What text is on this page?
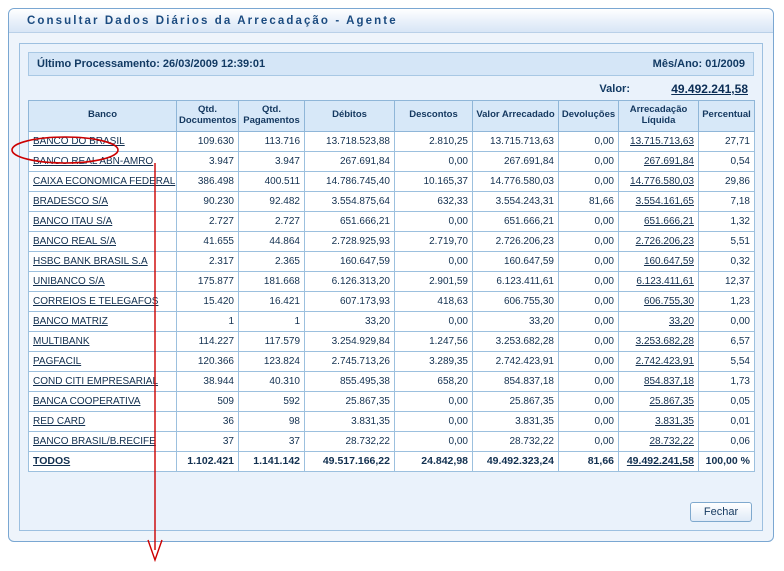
Consultar Dados Diários da Arrecadação - Agente
Último Processamento: 26/03/2009 12:39:01	Mês/Ano: 01/2009
Valor:	49.492.241,58
Banco	Qtd. Documentos	Qtd. Pagamentos	Débitos	Descontos	Valor Arrecadado	Devoluções	Arrecadação Líquida	Percentual
BANCO DO BRASIL	109.630	113.716	13.718.523,88	2.810,25	13.715.713,63	0,00	13.715.713,63	27,71
BANCO REAL ABN-AMRO	3.947	3.947	267.691,84	0,00	267.691,84	0,00	267.691,84	0,54
CAIXA ECONOMICA FEDERAL	386.498	400.511	14.786.745,40	10.165,37	14.776.580,03	0,00	14.776.580,03	29,86
BRADESCO S/A	90.230	92.482	3.554.875,64	632,33	3.554.243,31	81,66	3.554.161,65	7,18
BANCO ITAU S/A	2.727	2.727	651.666,21	0,00	651.666,21	0,00	651.666,21	1,32
BANCO REAL S/A	41.655	44.864	2.728.925,93	2.719,70	2.726.206,23	0,00	2.726.206,23	5,51
HSBC BANK BRASIL S.A	2.317	2.365	160.647,59	0,00	160.647,59	0,00	160.647,59	0,32
UNIBANCO S/A	175.877	181.668	6.126.313,20	2.901,59	6.123.411,61	0,00	6.123.411,61	12,37
CORREIOS E TELEGAFOS	15.420	16.421	607.173,93	418,63	606.755,30	0,00	606.755,30	1,23
BANCO MATRIZ	1	1	33,20	0,00	33,20	0,00	33,20	0,00
MULTIBANK	114.227	117.579	3.254.929,84	1.247,56	3.253.682,28	0,00	3.253.682,28	6,57
PAGFACIL	120.366	123.824	2.745.713,26	3.289,35	2.742.423,91	0,00	2.742.423,91	5,54
COND CITI EMPRESARIAL	38.944	40.310	855.495,38	658,20	854.837,18	0,00	854.837,18	1,73
BANCA COOPERATIVA	509	592	25.867,35	0,00	25.867,35	0,00	25.867,35	0,05
RED CARD	36	98	3.831,35	0,00	3.831,35	0,00	3.831,35	0,01
BANCO BRASIL/B.RECIFE	37	37	28.732,22	0,00	28.732,22	0,00	28.732,22	0,06
TODOS	1.102.421	1.141.142	49.517.166,22	24.842,98	49.492.323,24	81,66	49.492.241,58	100,00 %
Fechar
